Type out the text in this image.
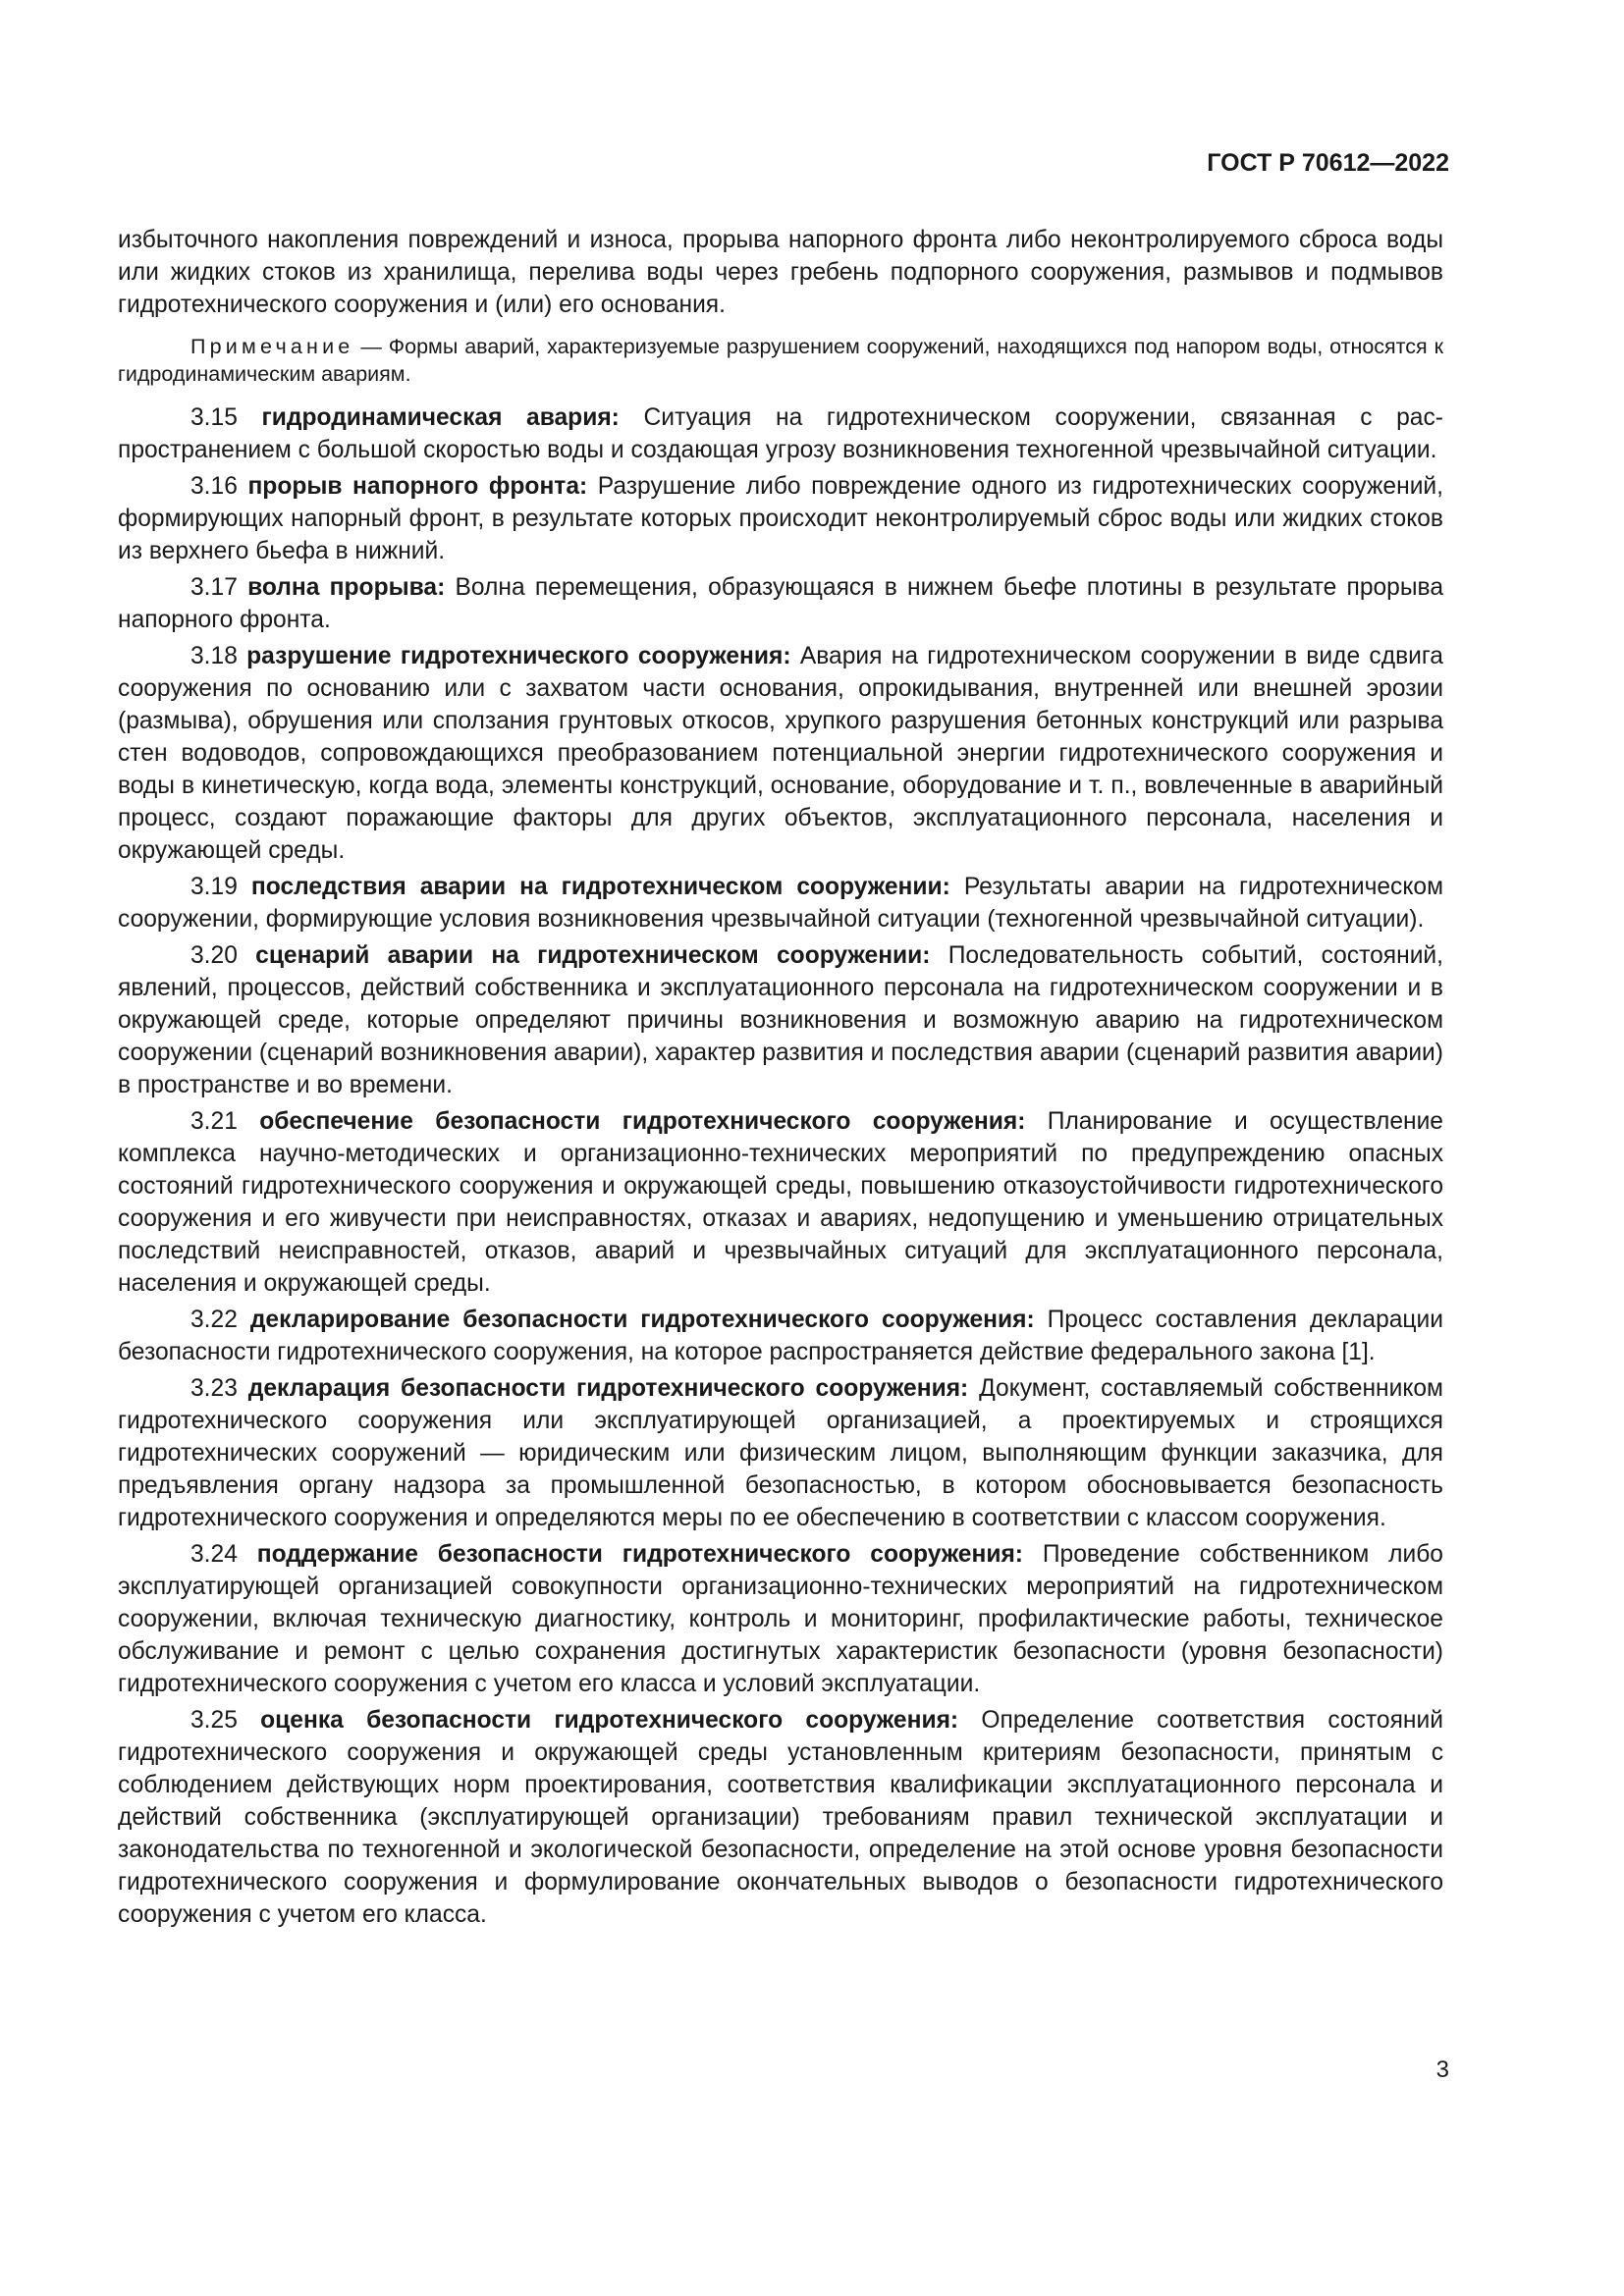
ГОСТ Р 70612—2022

избыточного накопления повреждений и износа, прорыва напорного фронта либо неконтролируемого сброса воды или жидких стоков из хранилища, перелива воды через гребень подпорного сооружения, размывов и подмывов гидротехнического сооружения и (или) его основания.

Примечание — Формы аварий, характеризуемые разрушением сооружений, находящихся под напором воды, относятся к гидродинамическим авариям.

3.15 гидродинамическая авария: Ситуация на гидротехническом сооружении, связанная с распространением с большой скоростью воды и создающая угрозу возникновения техногенной чрезвычайной ситуации.

3.16 прорыв напорного фронта: Разрушение либо повреждение одного из гидротехнических сооружений, формирующих напорный фронт, в результате которых происходит неконтролируемый сброс воды или жидких стоков из верхнего бьефа в нижний.

3.17 волна прорыва: Волна перемещения, образующаяся в нижнем бьефе плотины в результате прорыва напорного фронта.

3.18 разрушение гидротехнического сооружения: Авария на гидротехническом сооружении в виде сдвига сооружения по основанию или с захватом части основания, опрокидывания, внутренней или внешней эрозии (размыва), обрушения или сползания грунтовых откосов, хрупкого разрушения бетонных конструкций или разрыва стен водоводов, сопровождающихся преобразованием потенциальной энергии гидротехнического сооружения и воды в кинетическую, когда вода, элементы конструкций, основание, оборудование и т. п., вовлеченные в аварийный процесс, создают поражающие факторы для других объектов, эксплуатационного персонала, населения и окружающей среды.

3.19 последствия аварии на гидротехническом сооружении: Результаты аварии на гидротехническом сооружении, формирующие условия возникновения чрезвычайной ситуации (техногенной чрезвычайной ситуации).

3.20 сценарий аварии на гидротехническом сооружении: Последовательность событий, состояний, явлений, процессов, действий собственника и эксплуатационного персонала на гидротехническом сооружении и в окружающей среде, которые определяют причины возникновения и возможную аварию на гидротехническом сооружении (сценарий возникновения аварии), характер развития и последствия аварии (сценарий развития аварии) в пространстве и во времени.

3.21 обеспечение безопасности гидротехнического сооружения: Планирование и осуществление комплекса научно-методических и организационно-технических мероприятий по предупреждению опасных состояний гидротехнического сооружения и окружающей среды, повышению отказоустойчивости гидротехнического сооружения и его живучести при неисправностях, отказах и авариях, недопущению и уменьшению отрицательных последствий неисправностей, отказов, аварий и чрезвычайных ситуаций для эксплуатационного персонала, населения и окружающей среды.

3.22 декларирование безопасности гидротехнического сооружения: Процесс составления декларации безопасности гидротехнического сооружения, на которое распространяется действие федерального закона [1].

3.23 декларация безопасности гидротехнического сооружения: Документ, составляемый собственником гидротехнического сооружения или эксплуатирующей организацией, а проектируемых и строящихся гидротехнических сооружений — юридическим или физическим лицом, выполняющим функции заказчика, для предъявления органу надзора за промышленной безопасностью, в котором обосновывается безопасность гидротехнического сооружения и определяются меры по ее обеспечению в соответствии с классом сооружения.

3.24 поддержание безопасности гидротехнического сооружения: Проведение собственником либо эксплуатирующей организацией совокупности организационно-технических мероприятий на гидротехническом сооружении, включая техническую диагностику, контроль и мониторинг, профилактические работы, техническое обслуживание и ремонт с целью сохранения достигнутых характеристик безопасности (уровня безопасности) гидротехнического сооружения с учетом его класса и условий эксплуатации.

3.25 оценка безопасности гидротехнического сооружения: Определение соответствия состояний гидротехнического сооружения и окружающей среды установленным критериям безопасности, принятым с соблюдением действующих норм проектирования, соответствия квалификации эксплуатационного персонала и действий собственника (эксплуатирующей организации) требованиям правил технической эксплуатации и законодательства по техногенной и экологической безопасности, определение на этой основе уровня безопасности гидротехнического сооружения и формулирование окончательных выводов о безопасности гидротехнического сооружения с учетом его класса.

3
